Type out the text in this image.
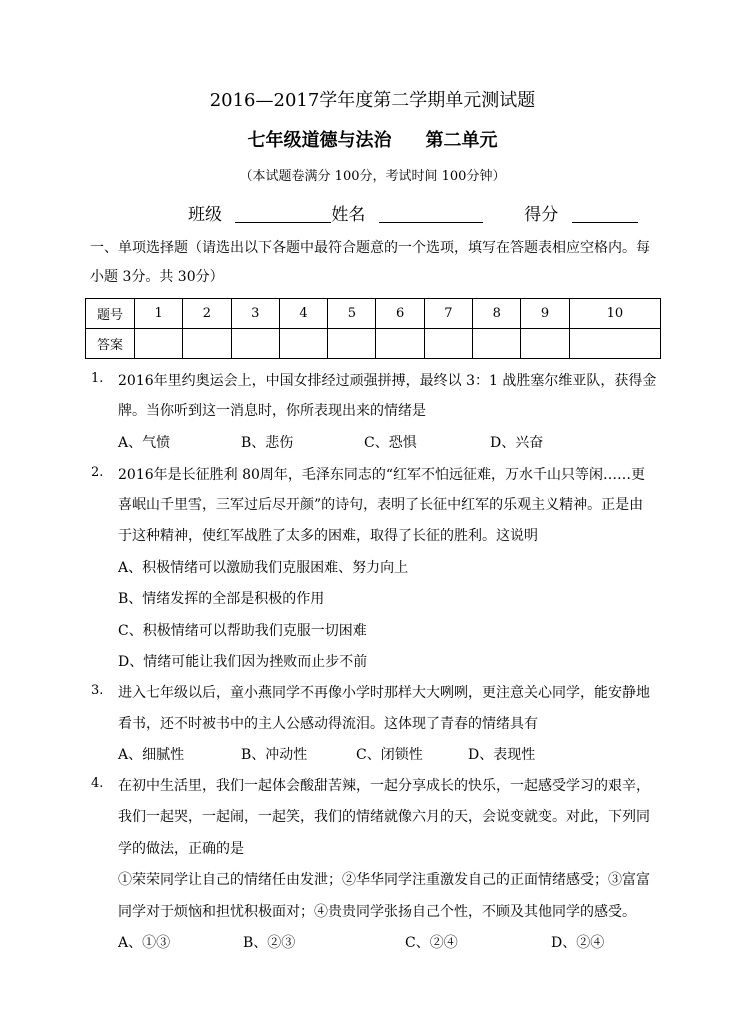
2016—2017学年度第二学期单元测试题
七年级道德与法治 第二单元
（本试题卷满分 100分，考试时间 100分钟）
班级	姓名	得分
一、单项选择题（请选出以下各题中最符合题意的一个选项，填写在答题表相应空格内。每
小题 3分。共 30分）
题号	1	2	3	4	5	6	7	8	9	10
答案										
1. 2016年里约奥运会上，中国女排经过顽强拼搏，最终以 3：1 战胜塞尔维亚队，获得金
牌。当你听到这一消息时，你所表现出来的情绪是
A、气愤	B、悲伤	C、恐惧	D、兴奋
2. 2016年是长征胜利 80周年，毛泽东同志的“红军不怕远征难，万水千山只等闲……更
喜岷山千里雪，三军过后尽开颜”的诗句，表明了长征中红军的乐观主义精神。正是由
于这种精神，使红军战胜了太多的困难，取得了长征的胜利。这说明
A、积极情绪可以激励我们克服困难、努力向上
B、情绪发挥的全部是积极的作用
C、积极情绪可以帮助我们克服一切困难
D、情绪可能让我们因为挫败而止步不前
3. 进入七年级以后，童小燕同学不再像小学时那样大大咧咧，更注意关心同学，能安静地
看书，还不时被书中的主人公感动得流泪。这体现了青春的情绪具有
A、细腻性	B、冲动性	C、闭锁性	D、表现性
4. 在初中生活里，我们一起体会酸甜苦辣，一起分享成长的快乐，一起感受学习的艰辛，
我们一起哭，一起闹，一起笑，我们的情绪就像六月的天，会说变就变。对此，下列同
学的做法，正确的是
①荣荣同学让自己的情绪任由发泄；②华华同学注重激发自己的正面情绪感受；③富富
同学对于烦恼和担忧积极面对；④贵贵同学张扬自己个性，不顾及其他同学的感受。
A、①③	B、②③	C、②④	D、②④
